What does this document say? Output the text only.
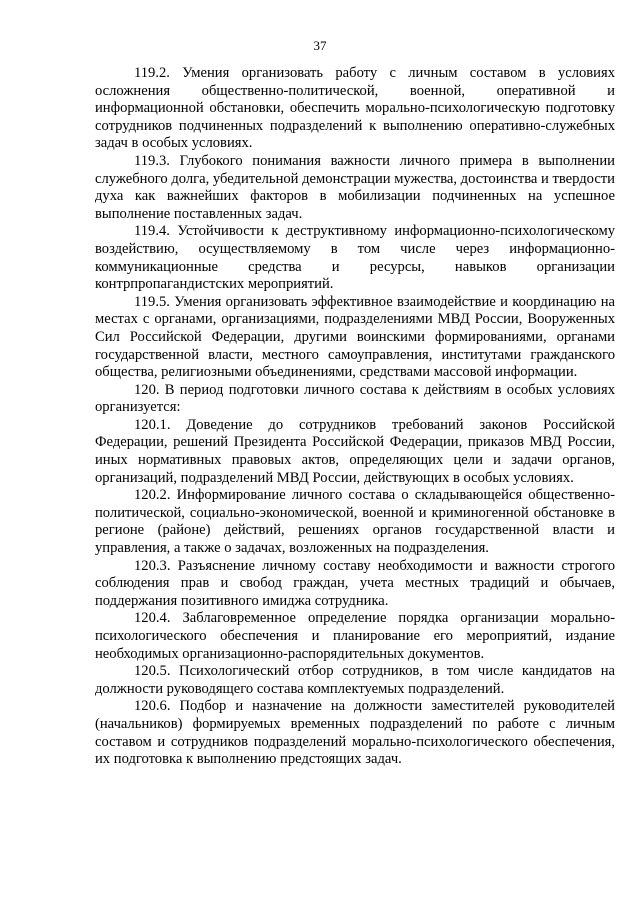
37

119.2. Умения организовать работу с личным составом в условиях осложнения общественно-политической, военной, оперативной и информационной обстановки, обеспечить морально-психологическую подготовку сотрудников подчиненных подразделений к выполнению оперативно-служебных задач в особых условиях.

119.3. Глубокого понимания важности личного примера в выполнении служебного долга, убедительной демонстрации мужества, достоинства и твердости духа как важнейших факторов в мобилизации подчиненных на успешное выполнение поставленных задач.

119.4. Устойчивости к деструктивному информационно-психологическому воздействию, осуществляемому в том числе через информационно-коммуникационные средства и ресурсы, навыков организации контрпропагандистских мероприятий.

119.5. Умения организовать эффективное взаимодействие и координацию на местах с органами, организациями, подразделениями МВД России, Вооруженных Сил Российской Федерации, другими воинскими формированиями, органами государственной власти, местного самоуправления, институтами гражданского общества, религиозными объединениями, средствами массовой информации.

120. В период подготовки личного состава к действиям в особых условиях организуется:

120.1. Доведение до сотрудников требований законов Российской Федерации, решений Президента Российской Федерации, приказов МВД России, иных нормативных правовых актов, определяющих цели и задачи органов, организаций, подразделений МВД России, действующих в особых условиях.

120.2. Информирование личного состава о складывающейся общественно-политической, социально-экономической, военной и криминогенной обстановке в регионе (районе) действий, решениях органов государственной власти и управления, а также о задачах, возложенных на подразделения.

120.3. Разъяснение личному составу необходимости и важности строгого соблюдения прав и свобод граждан, учета местных традиций и обычаев, поддержания позитивного имиджа сотрудника.

120.4. Заблаговременное определение порядка организации морально-психологического обеспечения и планирование его мероприятий, издание необходимых организационно-распорядительных документов.

120.5. Психологический отбор сотрудников, в том числе кандидатов на должности руководящего состава комплектуемых подразделений.

120.6. Подбор и назначение на должности заместителей руководителей (начальников) формируемых временных подразделений по работе с личным составом и сотрудников подразделений морально-психологического обеспечения, их подготовка к выполнению предстоящих задач.
